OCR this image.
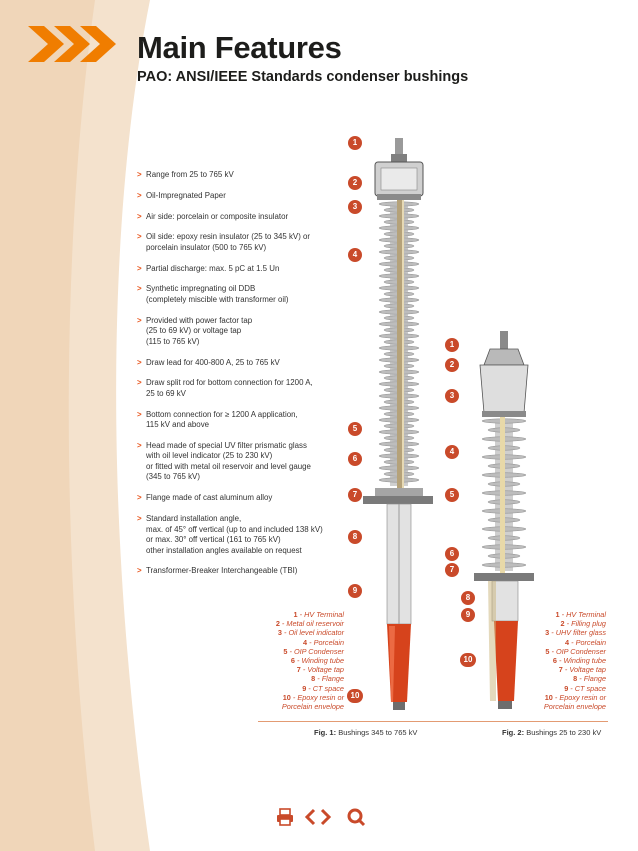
Main Features
PAO: ANSI/IEEE Standards condenser bushings
> Range from 25 to 765 kV
> Oil-Impregnated Paper
> Air side: porcelain or composite insulator
> Oil side: epoxy resin insulator (25 to 345 kV) or
porcelain insulator (500 to 765 kV)
> Partial discharge: max. 5 pC at 1.5 Un
> Synthetic impregnating oil DDB
(completely miscible with transformer oil)
> Provided with power factor tap
(25 to 69 kV) or voltage tap
(115 to 765 kV)
> Draw lead for 400-800 A, 25 to 765 kV
> Draw split rod for bottom connection for 1200 A,
25 to 69 kV
> Bottom connection for ≥ 1200 A application,
115 kV and above
> Head made of special UV filter prismatic glass
with oil level indicator (25 to 230 kV)
or fitted with metal oil reservoir and level gauge
(345 to 765 kV)
> Flange made of cast aluminum alloy
> Standard installation angle,
max. of 45° off vertical (up to and included 138 kV)
or max. 30° off vertical (161 to 765 kV)
other installation angles available on request
> Transformer-Breaker Interchangeable (TBI)
1
2
3
4
5
6
7
8
9
10
1
2
3
4
5
6
7
8
9
10
1 - HV Terminal
2 - Metal oil reservoir
3 - Oil level indicator
4 - Porcelain
5 - OIP Condenser
6 - Winding tube
7 - Voltage tap
8 - Flange
9 - CT space
10 - Epoxy resin or
Porcelain envelope
1 - HV Terminal
2 - Filling plug
3 - UHV filter glass
4 - Porcelain
5 - OIP Condenser
6 - Winding tube
7 - Voltage tap
8 - Flange
9 - CT space
10 - Epoxy resin or
Porcelain envelope
Fig. 1: Bushings 345 to 765 kV	Fig. 2: Bushings 25 to 230 kV
